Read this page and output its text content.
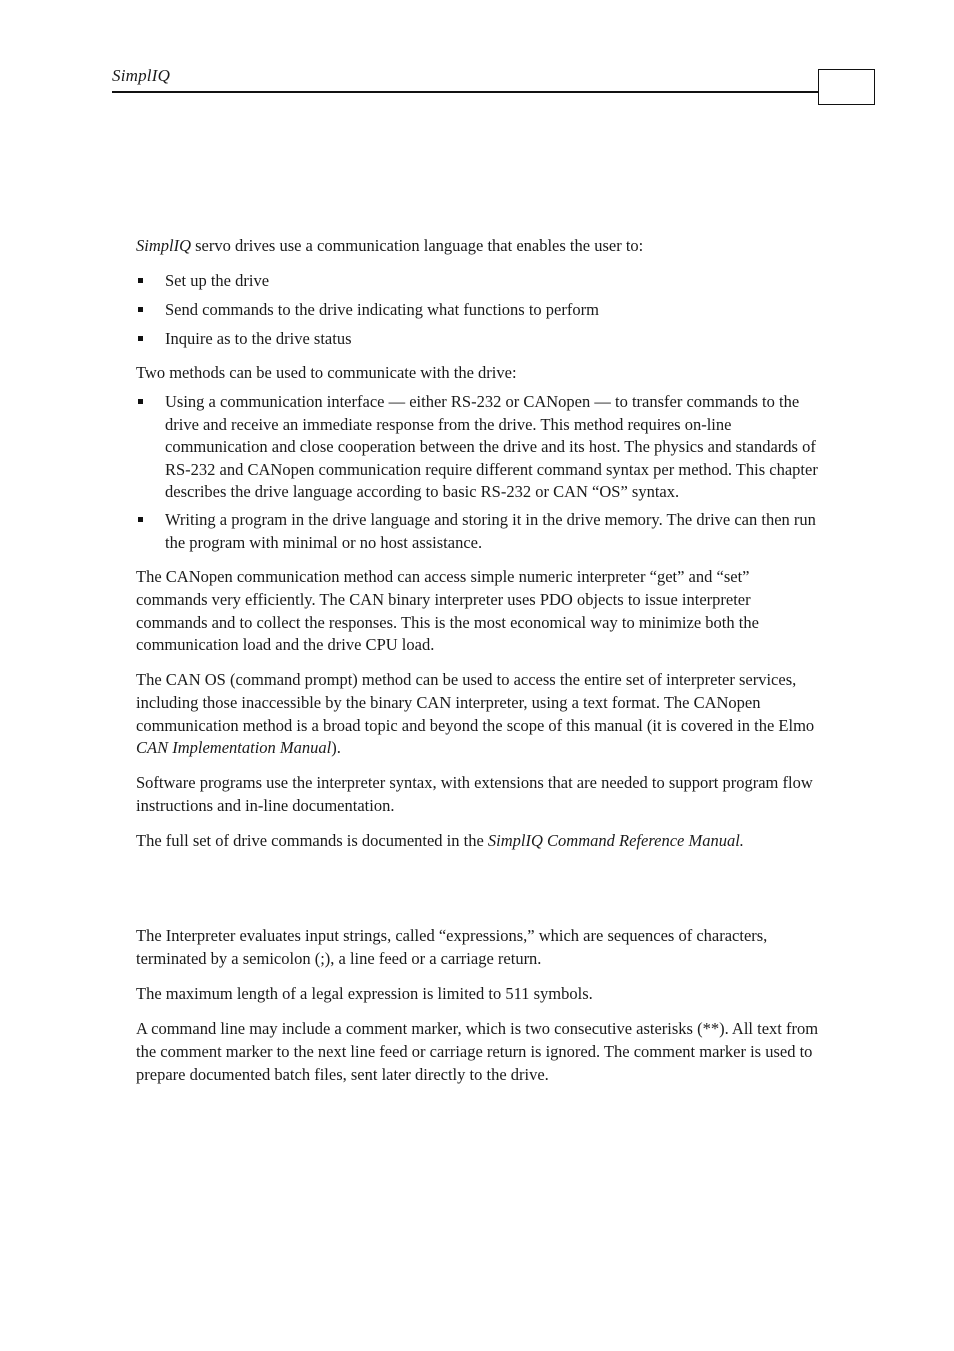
SimplIQ

SimplIQ servo drives use a communication language that enables the user to:

Set up the drive
Send commands to the drive indicating what functions to perform
Inquire as to the drive status

Two methods can be used to communicate with the drive:

Using a communication interface — either RS-232 or CANopen — to transfer commands to the drive and receive an immediate response from the drive. This method requires on-line communication and close cooperation between the drive and its host. The physics and standards of RS-232 and CANopen communication require different command syntax per method. This chapter describes the drive language according to basic RS-232 or CAN “OS” syntax.
Writing a program in the drive language and storing it in the drive memory. The drive can then run the program with minimal or no host assistance.

The CANopen communication method can access simple numeric interpreter “get” and “set” commands very efficiently. The CAN binary interpreter uses PDO objects to issue interpreter commands and to collect the responses. This is the most economical way to minimize both the communication load and the drive CPU load.

The CAN OS (command prompt) method can be used to access the entire set of interpreter services, including those inaccessible by the binary CAN interpreter, using a text format. The CANopen communication method is a broad topic and beyond the scope of this manual (it is covered in the Elmo CAN Implementation Manual).

Software programs use the interpreter syntax, with extensions that are needed to support program flow instructions and in-line documentation.

The full set of drive commands is documented in the SimplIQ Command Reference Manual.

The Interpreter evaluates input strings, called “expressions,” which are sequences of characters, terminated by a semicolon (;), a line feed or a carriage return.

The maximum length of a legal expression is limited to 511 symbols.

A command line may include a comment marker, which is two consecutive asterisks (**). All text from the comment marker to the next line feed or carriage return is ignored. The comment marker is used to prepare documented batch files, sent later directly to the drive.
